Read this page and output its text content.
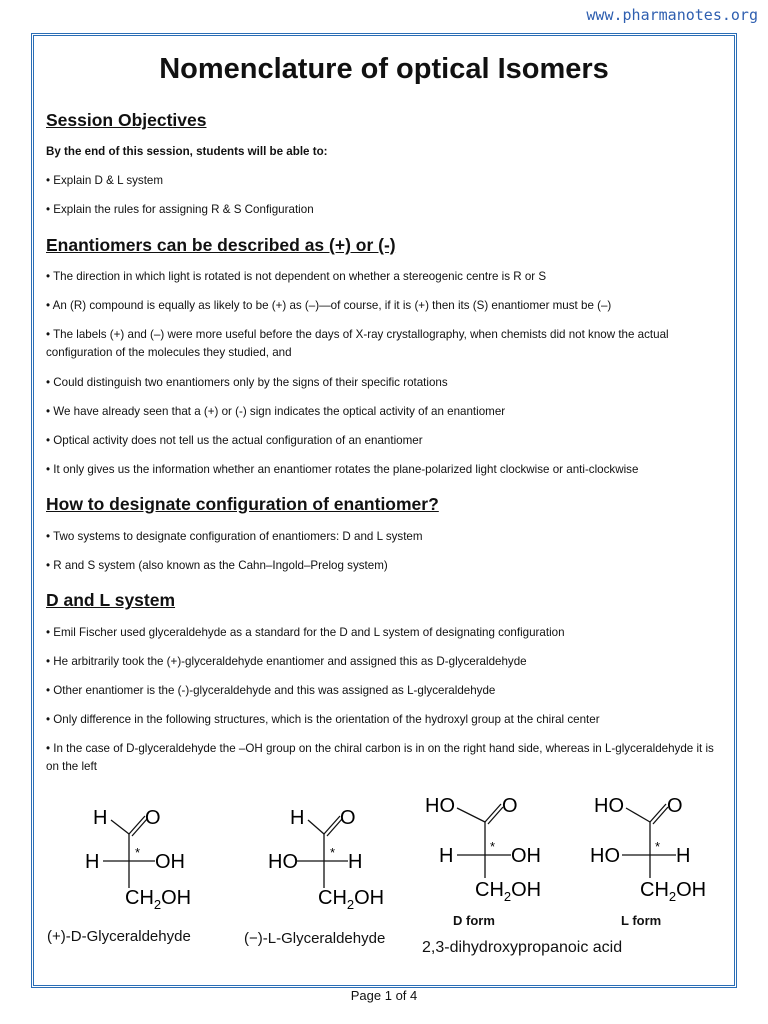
www.pharmanotes.org
Nomenclature of optical Isomers
Session Objectives

By the end of this session, students will be able to:

• Explain D & L system

• Explain the rules for assigning R & S Configuration

Enantiomers can be described as (+) or (-)

• The direction in which light is rotated is not dependent on whether a stereogenic centre is R or S

• An (R) compound is equally as likely to be (+) as (–)—of course, if it is (+) then its (S) enantiomer must be (–)

• The labels (+) and (–) were more useful before the days of X-ray crystallography, when chemists did not know the actual configuration of the molecules they studied, and

• Could distinguish two enantiomers only by the signs of their specific rotations

• We have already seen that a (+) or (-) sign indicates the optical activity of an enantiomer

• Optical activity does not tell us the actual configuration of an enantiomer

• It only gives us the information whether an enantiomer rotates the plane-polarized light clockwise or anti-clockwise

How to designate configuration of enantiomer?

• Two systems to designate configuration of enantiomers: D and L system

• R and S system (also known as the Cahn–Ingold–Prelog system)

D and L system

• Emil Fischer used glyceraldehyde as a standard for the D and L system of designating configuration

• He arbitrarily took the (+)-glyceraldehyde enantiomer and assigned this as D-glyceraldehyde

• Other enantiomer is the (-)-glyceraldehyde and this was assigned as L-glyceraldehyde

• Only difference in the following structures, which is the orientation of the hydroxyl group at the chiral center

• In the case of D-glyceraldehyde the –OH group on the chiral carbon is in on the right hand side, whereas in L-glyceraldehyde it is on the left

H O
H	* OH
$CH_2OH$
(+)-D-Glyceraldehyde
H O
HO * H
$CH_2OH$
(−)-L-Glyceraldehyde
HO O
H	* OH
$CH_2OH$
D form
HO O
HO	* H
$CH_2OH$
L form
2,3-dihydroxypropanoic acid
Page 1 of 4
